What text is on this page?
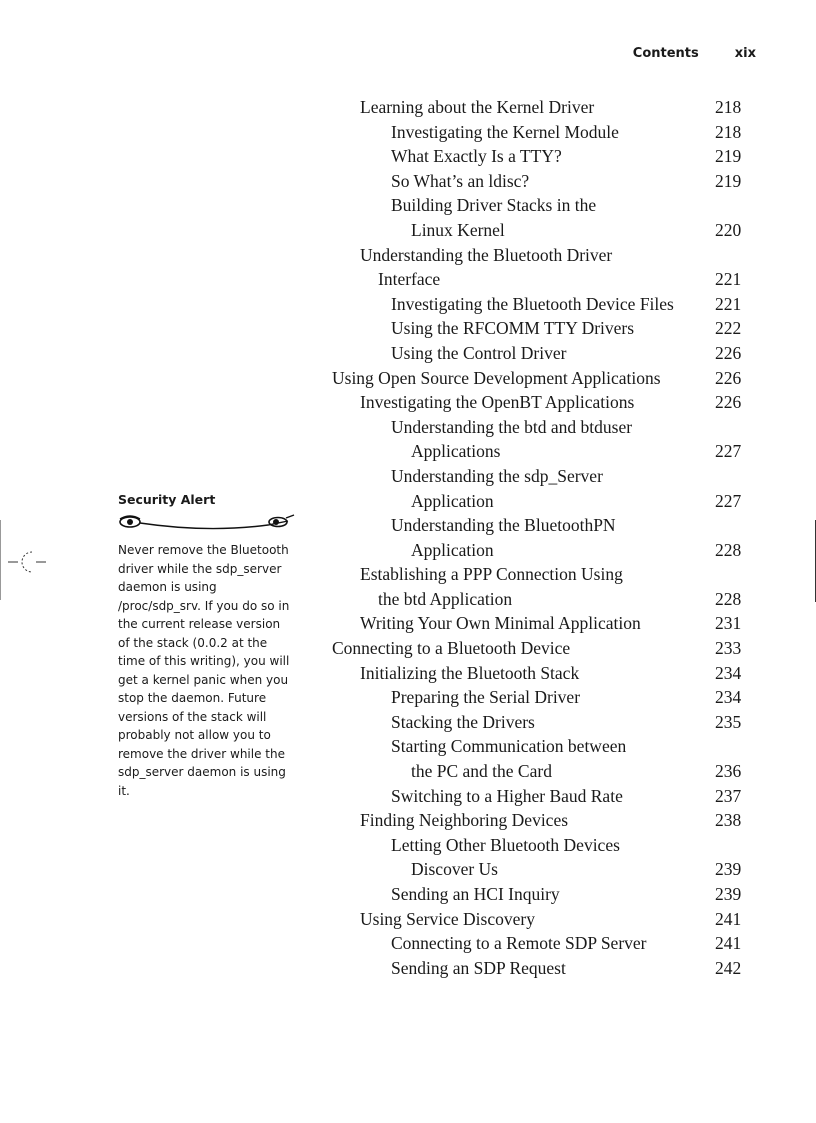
Contents	xix
Learning about the Kernel Driver	218
Investigating the Kernel Module	218
What Exactly Is a TTY?	219
So What’s an ldisc?	219
Building Driver Stacks in the
Linux Kernel	220
Understanding the Bluetooth Driver
Interface	221
Investigating the Bluetooth Device Files 221
Using the RFCOMM TTY Drivers	222
Using the Control Driver	226
Using Open Source Development Applications	226
Investigating the OpenBT Applications	226
Understanding the btd and btduser
Applications	227
Understanding the sdp_Server
Application	227
Understanding the BluetoothPN
Application	228
Establishing a PPP Connection Using
the btd Application	228
Writing Your Own Minimal Application	231
Connecting to a Bluetooth Device	233
Initializing the Bluetooth Stack	234
Preparing the Serial Driver	234
Stacking the Drivers	235
Starting Communication between
the PC and the Card	236
Switching to a Higher Baud Rate	237
Finding Neighboring Devices	238
Letting Other Bluetooth Devices
Discover Us	239
Sending an HCI Inquiry	239
Using Service Discovery	241
Connecting to a Remote SDP Server	241
Sending an SDP Request	242
Security Alert
Never remove the Bluetooth driver while the sdp_server daemon is using /proc/sdp_srv. If you do so in the current release version of the stack (0.0.2 at the time of this writing), you will get a kernel panic when you stop the daemon. Future versions of the stack will probably not allow you to remove the driver while the sdp_server daemon is using it.
